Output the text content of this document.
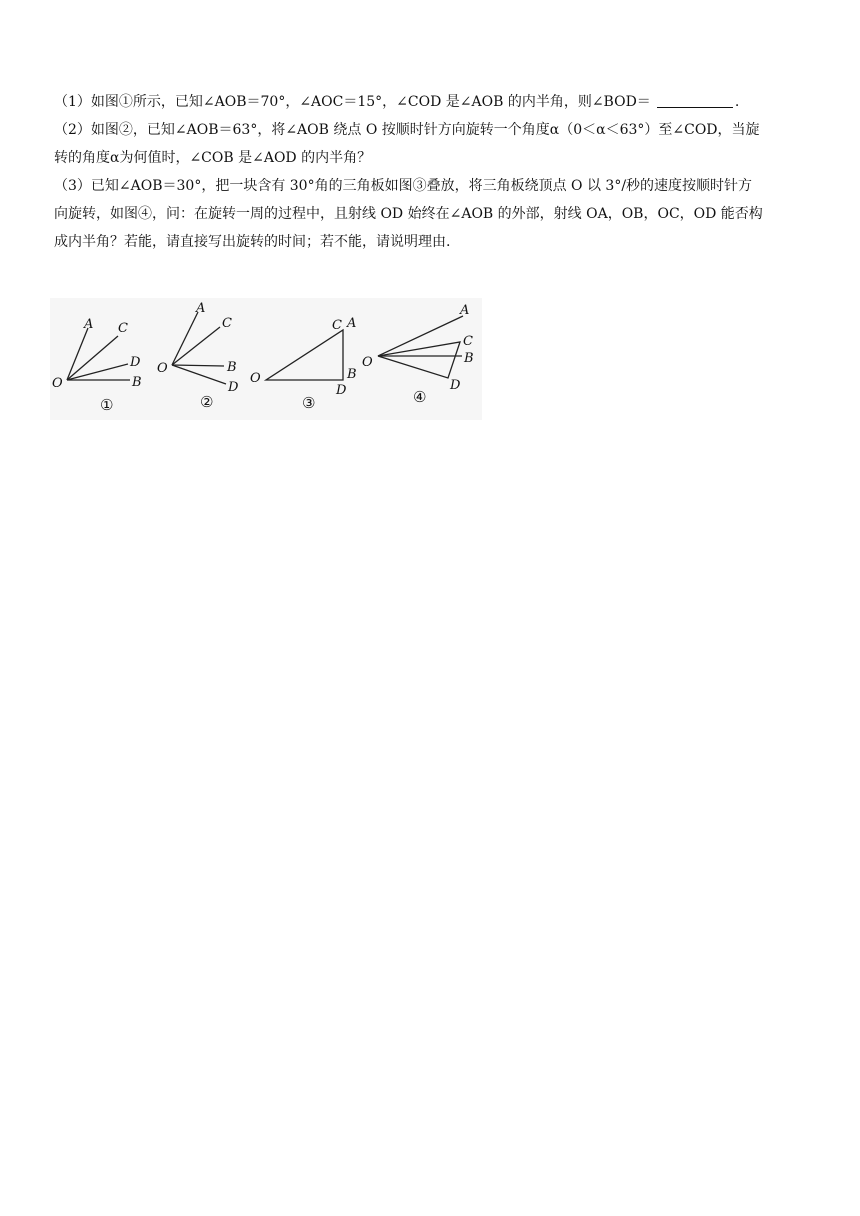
（1）如图①所示，已知∠AOB＝70°，∠AOC＝15°，∠COD 是∠AOB 的内半角，则∠BOD＝	.

（2）如图②，已知∠AOB＝63°，将∠AOB 绕点 O 按顺时针方向旋转一个角度α（0＜α＜63°）至∠COD，当旋
转的角度α为何值时，∠COB 是∠AOD 的内半角？

（3）已知∠AOB＝30°，把一块含有 30°角的三角板如图③叠放，将三角板绕顶点 O 以 3°/秒的速度按顺时针方
向旋转，如图④，问：在旋转一周的过程中，且射线 OD 始终在∠AOB 的外部，射线 OA，OB，OC，OD 能否构
成内半角？若能，请直接写出旋转的时间；若不能，请说明理由.

A C
D
B
O
①
A
C
B
D
O
②
C A
B
D
O
③
A
C
B
D
O
④
